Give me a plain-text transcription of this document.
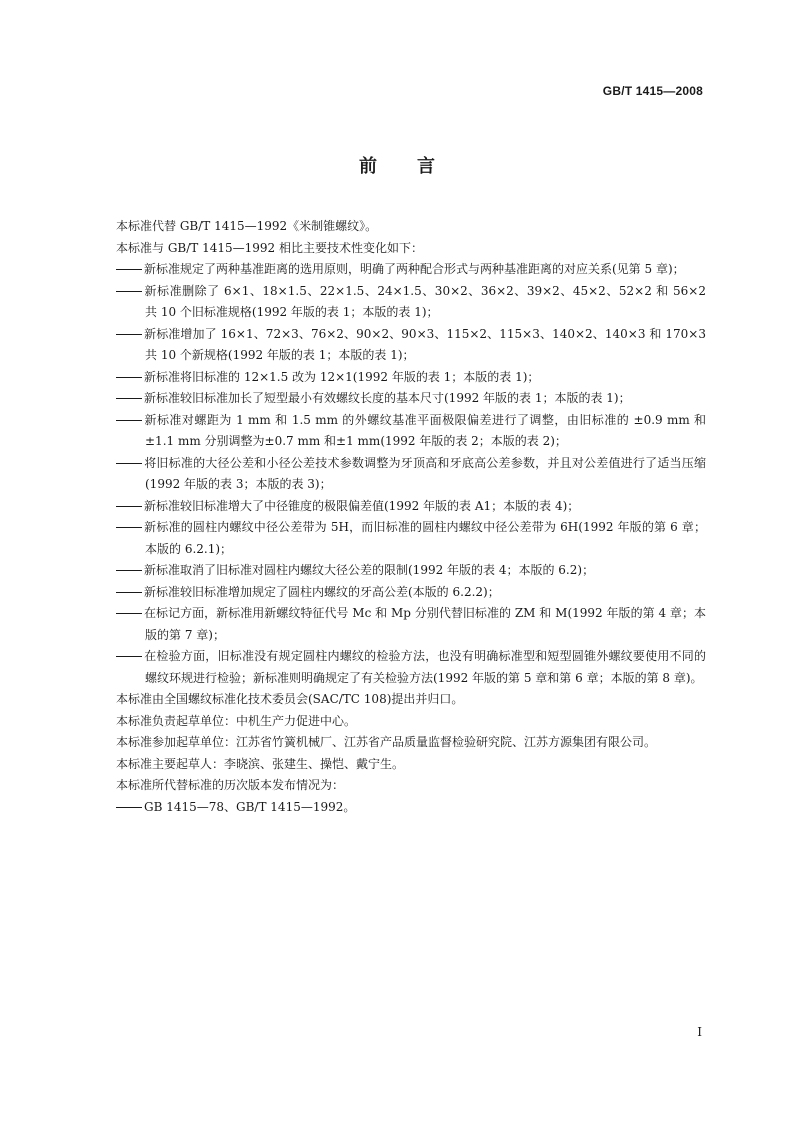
GB/T 1415—2008
前言

本标准代替 GB/T 1415—1992《米制锥螺纹》。

本标准与 GB/T 1415—1992 相比主要技术性变化如下：

新标准规定了两种基准距离的选用原则，明确了两种配合形式与两种基准距离的对应关系(见第 5 章)；

新标准删除了 6×1、18×1.5、22×1.5、24×1.5、30×2、36×2、39×2、45×2、52×2 和 56×2 共 10 个旧标准规格(1992 年版的表 1；本版的表 1)；

新标准增加了 16×1、72×3、76×2、90×2、90×3、115×2、115×3、140×2、140×3 和 170×3 共 10 个新规格(1992 年版的表 1；本版的表 1)；

新标准将旧标准的 12×1.5 改为 12×1(1992 年版的表 1；本版的表 1)；

新标准较旧标准加长了短型最小有效螺纹长度的基本尺寸(1992 年版的表 1；本版的表 1)；

新标准对螺距为 1 mm 和 1.5 mm 的外螺纹基准平面极限偏差进行了调整，由旧标准的 ±0.9 mm 和±1.1 mm 分别调整为±0.7 mm 和±1 mm(1992 年版的表 2；本版的表 2)；

将旧标准的大径公差和小径公差技术参数调整为牙顶高和牙底高公差参数，并且对公差值进行了适当压缩(1992 年版的表 3；本版的表 3)；

新标准较旧标准增大了中径锥度的极限偏差值(1992 年版的表 A1；本版的表 4)；

新标准的圆柱内螺纹中径公差带为 5H，而旧标准的圆柱内螺纹中径公差带为 6H(1992 年版的第 6 章；本版的 6.2.1)；

新标准取消了旧标准对圆柱内螺纹大径公差的限制(1992 年版的表 4；本版的 6.2)；

新标准较旧标准增加规定了圆柱内螺纹的牙高公差(本版的 6.2.2)；

在标记方面，新标准用新螺纹特征代号 Mc 和 Mp 分别代替旧标准的 ZM 和 M(1992 年版的第 4 章；本版的第 7 章)；

在检验方面，旧标准没有规定圆柱内螺纹的检验方法，也没有明确标准型和短型圆锥外螺纹要使用不同的螺纹环规进行检验；新标准则明确规定了有关检验方法(1992 年版的第 5 章和第 6 章；本版的第 8 章)。

本标准由全国螺纹标准化技术委员会(SAC/TC 108)提出并归口。

本标准负责起草单位：中机生产力促进中心。

本标准参加起草单位：江苏省竹簧机械厂、江苏省产品质量监督检验研究院、江苏方源集团有限公司。

本标准主要起草人：李晓滨、张建生、操恺、戴宁生。

本标准所代替标准的历次版本发布情况为：

GB 1415—78、GB/T 1415—1992。

I
